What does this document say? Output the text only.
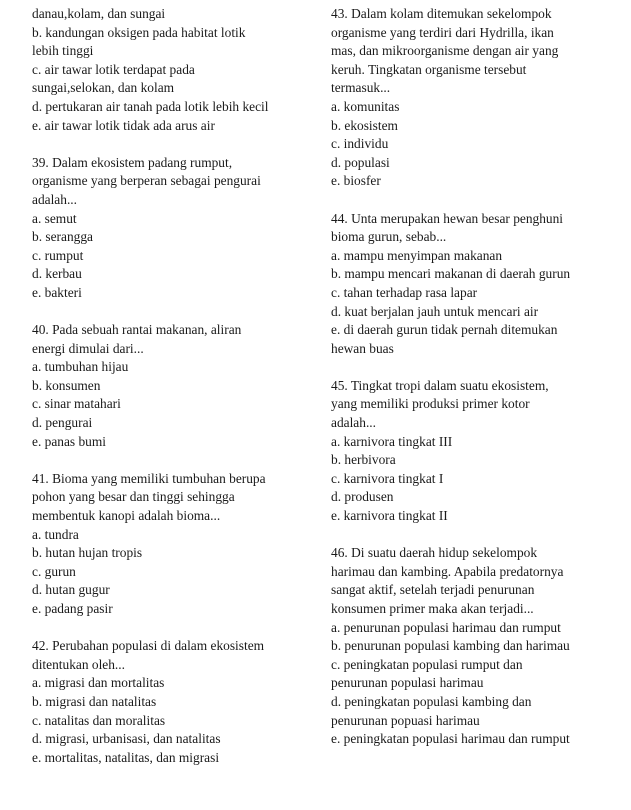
danau,kolam, dan sungai
b. kandungan oksigen pada habitat lotik
lebih tinggi
c. air tawar lotik terdapat pada
sungai,selokan, dan kolam
d. pertukaran air tanah pada lotik lebih kecil
e. air tawar lotik tidak ada arus air
39. Dalam ekosistem padang rumput,
organisme yang berperan sebagai pengurai
adalah...
a. semut
b. serangga
c. rumput
d. kerbau
e. bakteri
40. Pada sebuah rantai makanan, aliran
energi dimulai dari...
a. tumbuhan hijau
b. konsumen
c. sinar matahari
d. pengurai
e. panas bumi
41. Bioma yang memiliki tumbuhan berupa
pohon yang besar dan tinggi sehingga
membentuk kanopi adalah bioma...
a. tundra
b. hutan hujan tropis
c. gurun
d. hutan gugur
e. padang pasir
42. Perubahan populasi di dalam ekosistem
ditentukan oleh...
a. migrasi dan mortalitas
b. migrasi dan natalitas
c. natalitas dan moralitas
d. migrasi, urbanisasi, dan natalitas
e. mortalitas, natalitas, dan migrasi
43. Dalam kolam ditemukan sekelompok
organisme yang terdiri dari Hydrilla, ikan
mas, dan mikroorganisme dengan air yang
keruh. Tingkatan organisme tersebut
termasuk...
a. komunitas
b. ekosistem
c. individu
d. populasi
e. biosfer
44. Unta merupakan hewan besar penghuni
bioma gurun, sebab...
a. mampu menyimpan makanan
b. mampu mencari makanan di daerah gurun
c. tahan terhadap rasa lapar
d. kuat berjalan jauh untuk mencari air
e. di daerah gurun tidak pernah ditemukan
hewan buas
45. Tingkat tropi dalam suatu ekosistem,
yang memiliki produksi primer kotor
adalah...
a. karnivora tingkat III
b. herbivora
c. karnivora tingkat I
d. produsen
e. karnivora tingkat II
46. Di suatu daerah hidup sekelompok
harimau dan kambing. Apabila predatornya
sangat aktif, setelah terjadi penurunan
konsumen primer maka akan terjadi...
a. penurunan populasi harimau dan rumput
b. penurunan populasi kambing dan harimau
c. peningkatan populasi rumput dan
penurunan populasi harimau
d. peningkatan populasi kambing dan
penurunan popuasi harimau
e. peningkatan populasi harimau dan rumput
